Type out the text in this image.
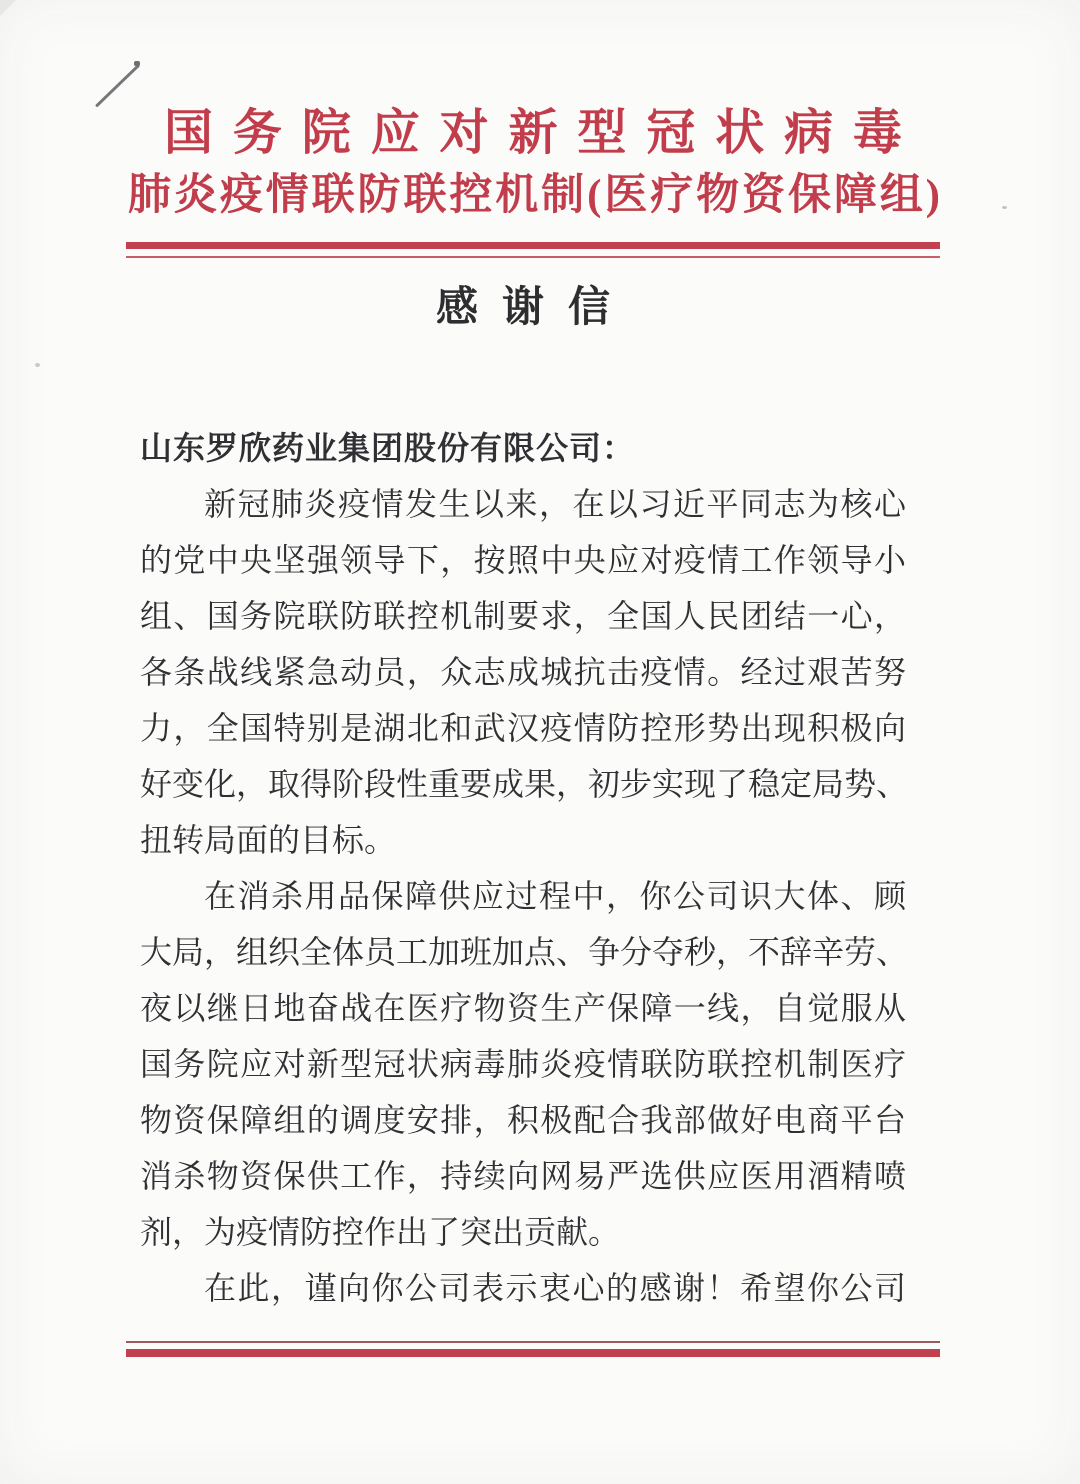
国务院应对新型冠状病毒
肺炎疫情联防联控机制(医疗物资保障组)
感谢信
山东罗欣药业集团股份有限公司：
新冠肺炎疫情发生以来，在以习近平同志为核心
的党中央坚强领导下，按照中央应对疫情工作领导小
组、国务院联防联控机制要求，全国人民团结一心，
各条战线紧急动员，众志成城抗击疫情。经过艰苦努
力，全国特别是湖北和武汉疫情防控形势出现积极向
好变化，取得阶段性重要成果，初步实现了稳定局势、
扭转局面的目标。
在消杀用品保障供应过程中，你公司识大体、顾
大局，组织全体员工加班加点、争分夺秒，不辞辛劳、
夜以继日地奋战在医疗物资生产保障一线，自觉服从
国务院应对新型冠状病毒肺炎疫情联防联控机制医疗
物资保障组的调度安排，积极配合我部做好电商平台
消杀物资保供工作，持续向网易严选供应医用酒精喷
剂，为疫情防控作出了突出贡献。
在此，谨向你公司表示衷心的感谢！希望你公司
